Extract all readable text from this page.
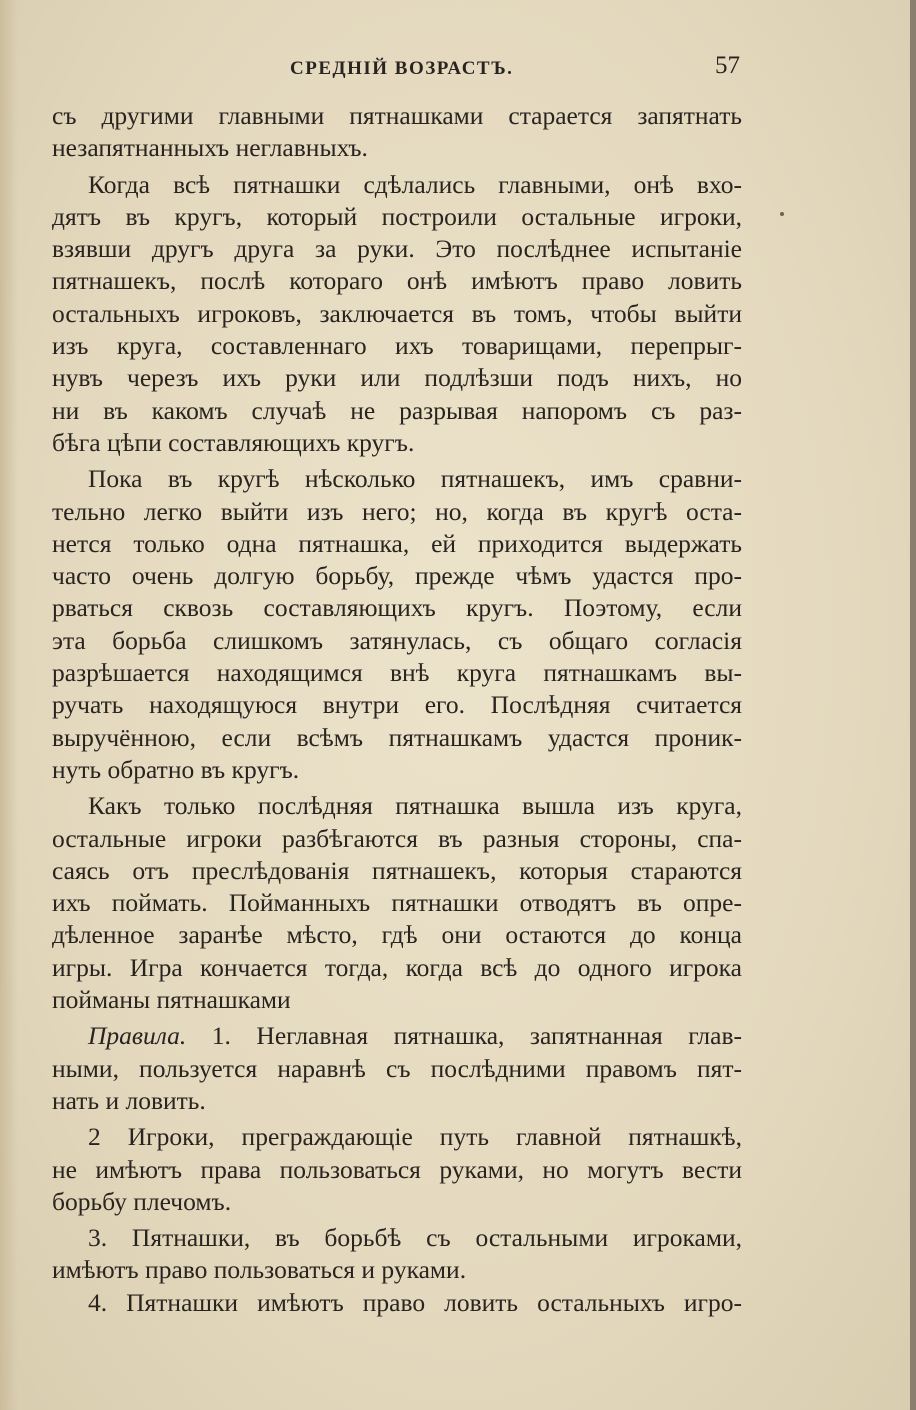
СРЕДНІЙ ВОЗРАСТЪ.	57
съ другими главными пятнашками старается запятнать
незапятнанныхъ неглавныхъ.
Когда всѣ пятнашки сдѣлались главными, онѣ вхо-
дятъ въ кругъ, который построили остальные игроки,
взявши другъ друга за руки. Это послѣднее испытаніе
пятнашекъ, послѣ котораго онѣ имѣютъ право ловить
остальныхъ игроковъ, заключается въ томъ, чтобы выйти
изъ круга, составленнаго ихъ товарищами, перепрыг-
нувъ черезъ ихъ руки или подлѣзши подъ нихъ, но
ни въ какомъ случаѣ не разрывая напоромъ съ раз-
бѣга цѣпи составляющихъ кругъ.
Пока въ кругѣ нѣсколько пятнашекъ, имъ сравни-
тельно легко выйти изъ него; но, когда въ кругѣ оста-
нется только одна пятнашка, ей приходится выдержать
часто очень долгую борьбу, прежде чѣмъ удастся про-
рваться сквозь составляющихъ кругъ. Поэтому, если
эта борьба слишкомъ затянулась, съ общаго согласія
разрѣшается находящимся внѣ круга пятнашкамъ вы-
ручать находящуюся внутри его. Послѣдняя считается
выручённою, если всѣмъ пятнашкамъ удастся проник-
нуть обратно въ кругъ.
Какъ только послѣдняя пятнашка вышла изъ круга,
остальные игроки разбѣгаются въ разныя стороны, спа-
саясь отъ преслѣдованія пятнашекъ, которыя стараются
ихъ поймать. Пойманныхъ пятнашки отводятъ въ опре-
дѣленное заранѣе мѣсто, гдѣ они остаются до конца
игры. Игра кончается тогда, когда всѣ до одного игрока
пойманы пятнашками
Правила. 1. Неглавная пятнашка, запятнанная глав-
ными, пользуется наравнѣ съ послѣдними правомъ пят-
нать и ловить.
2 Игроки, преграждающіе путь главной пятнашкѣ,
не имѣютъ права пользоваться руками, но могутъ вести
борьбу плечомъ.
3. Пятнашки, въ борьбѣ съ остальными игроками,
имѣютъ право пользоваться и руками.
4. Пятнашки имѣютъ право ловить остальныхъ игро-
